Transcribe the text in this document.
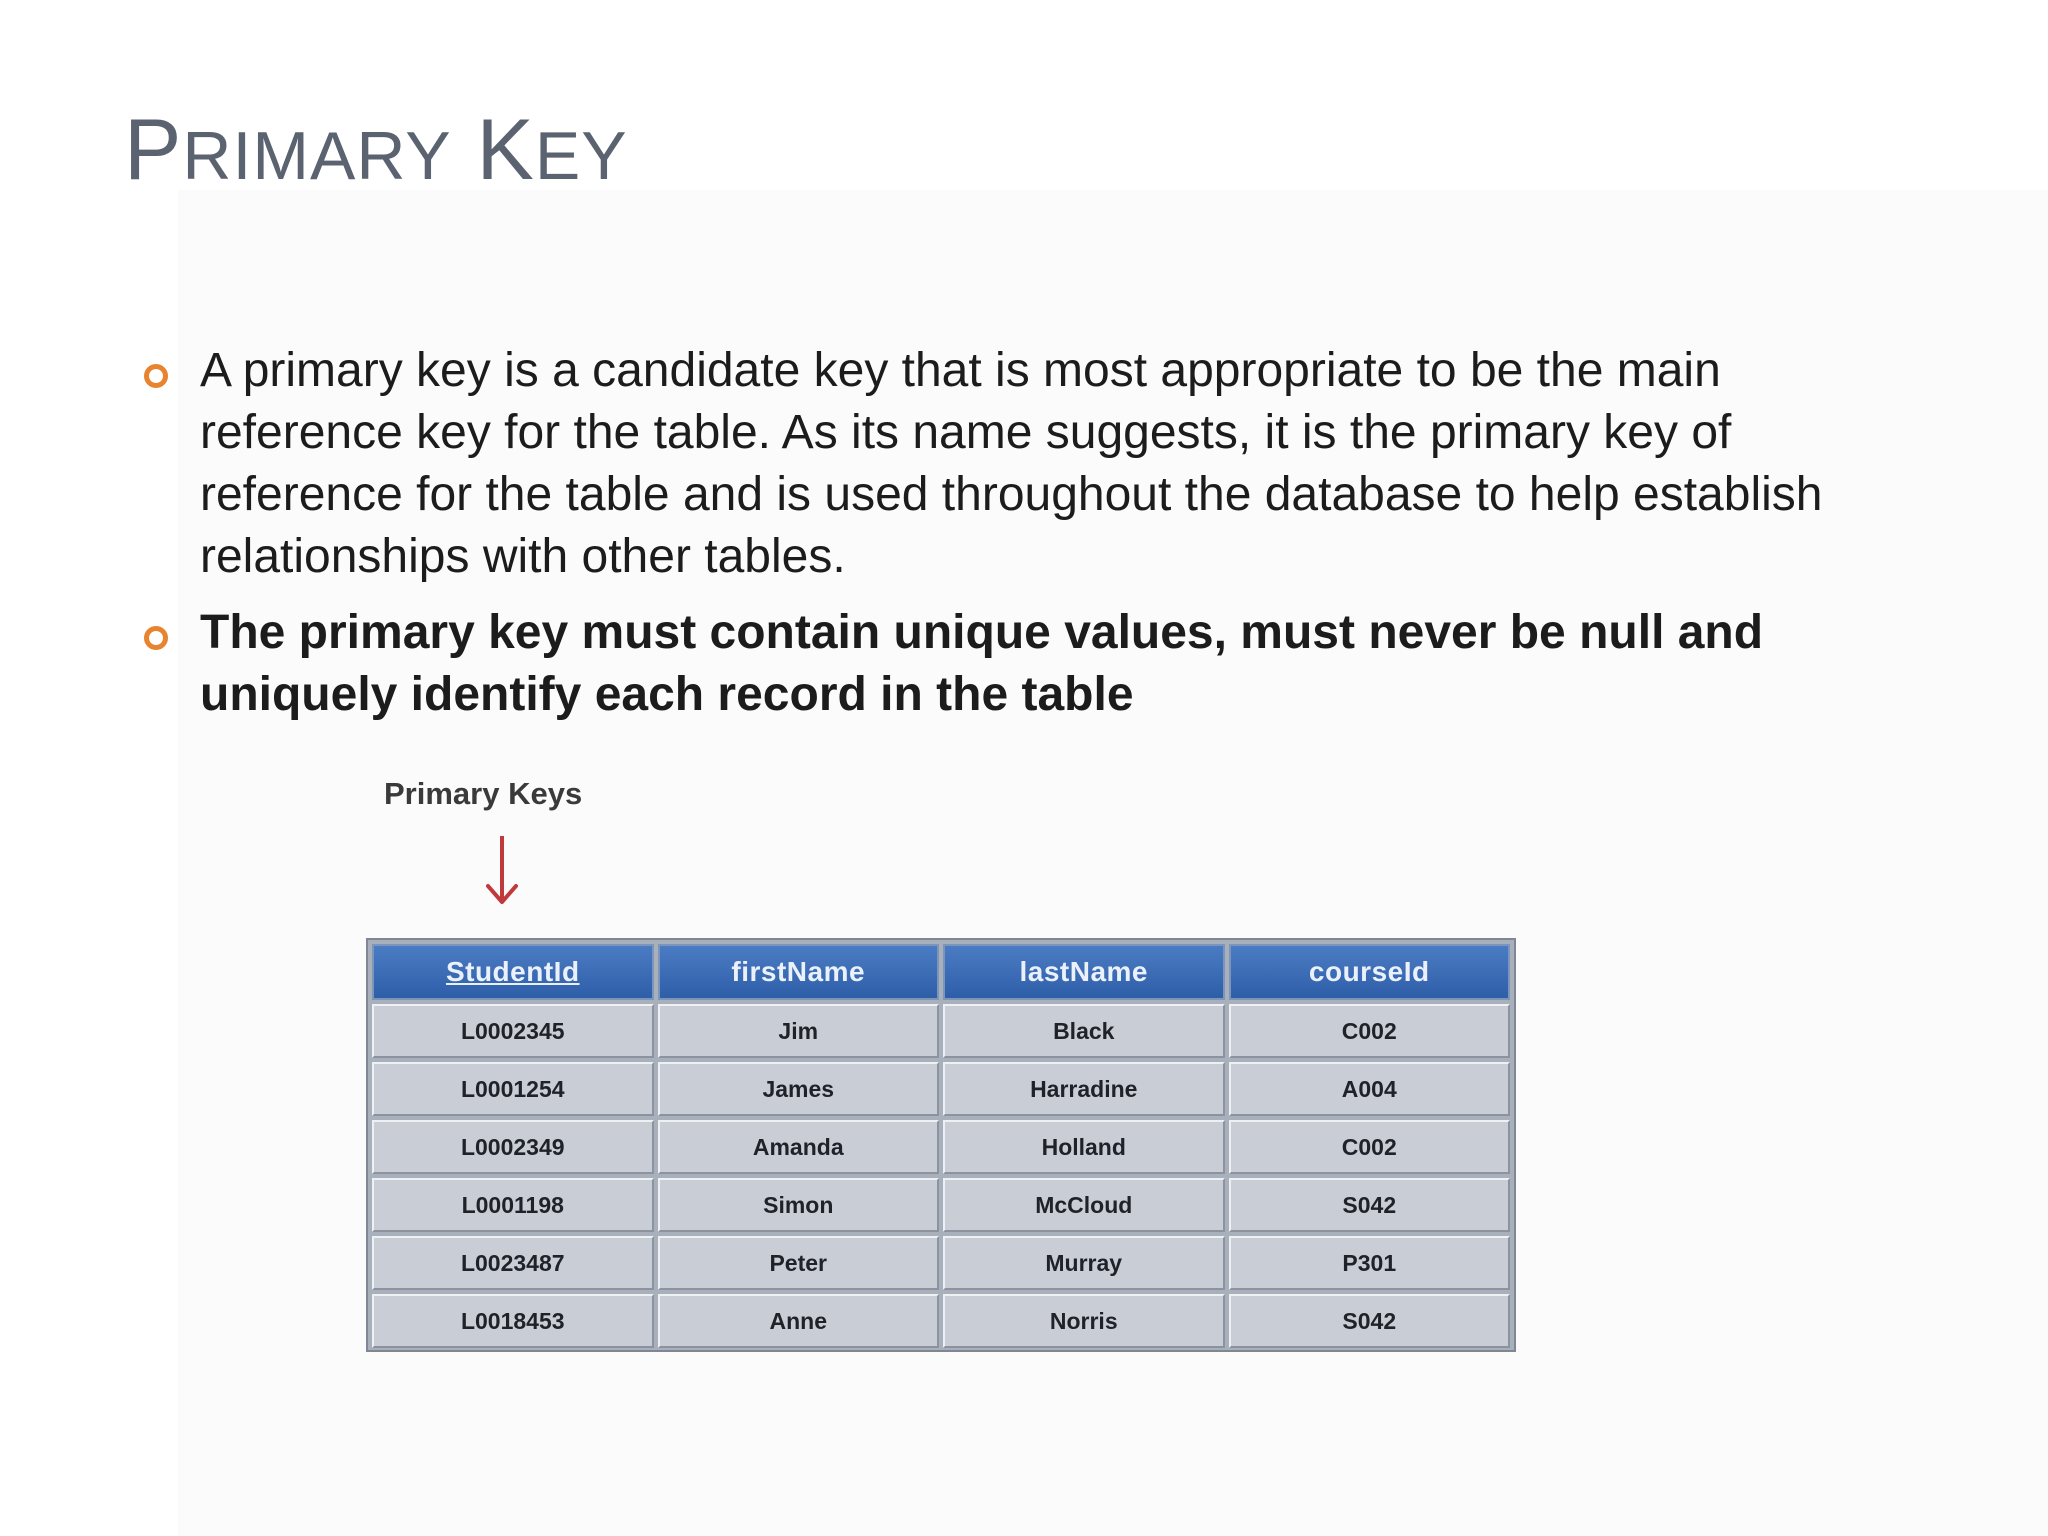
PRIMARY KEY
A primary key is a candidate key that is most appropriate to be the main reference key for the table. As its name suggests, it is the primary key of reference for the table and is used throughout the database to help establish relationships with other tables.
The primary key must contain unique values, must never be null and uniquely identify each record in the table
Primary Keys
StudentId	firstName	lastName	courseId
L0002345	Jim	Black	C002
L0001254	James	Harradine	A004
L0002349	Amanda	Holland	C002
L0001198	Simon	McCloud	S042
L0023487	Peter	Murray	P301
L0018453	Anne	Norris	S042
